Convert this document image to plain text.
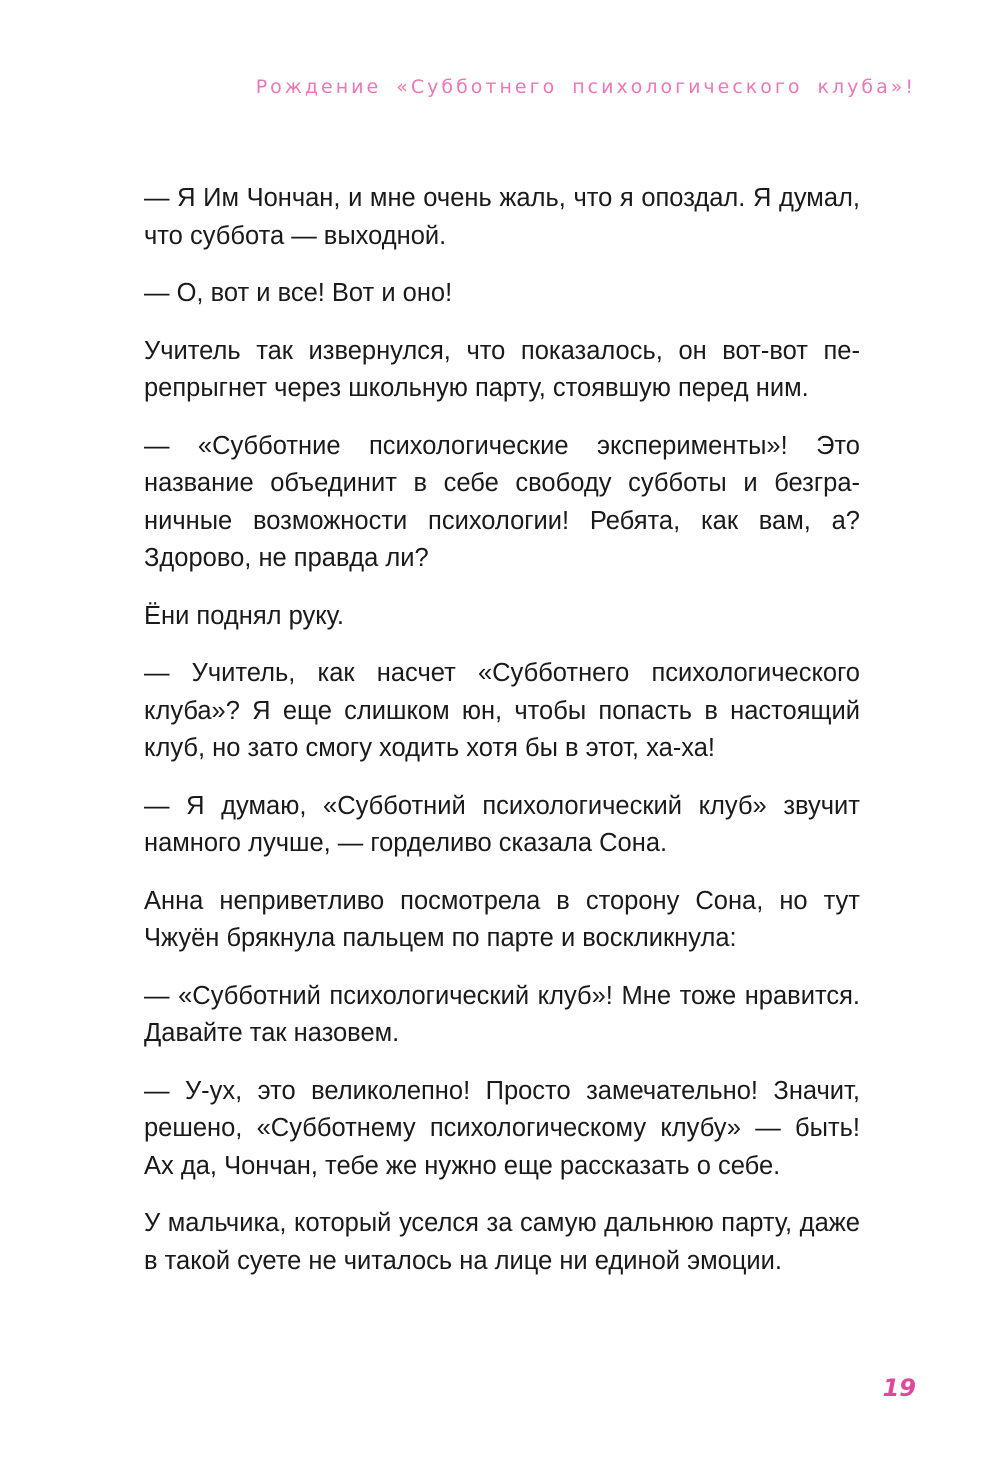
Рождение «Субботнего психологического клуба»!

— Я Им Чончан, и мне очень жаль, что я опоздал. Я думал, что суббота — выходной.

— О, вот и все! Вот и оно!

Учитель так извернулся, что показалось, он вот-вот перепрыгнет через школьную парту, стоявшую перед ним.

— «Субботние психологические эксперименты»! Это название объединит в себе свободу субботы и безграничные возможности психологии! Ребята, как вам, а? Здорово, не правда ли?

Ёни поднял руку.

— Учитель, как насчет «Субботнего психологического клуба»? Я еще слишком юн, чтобы попасть в настоящий клуб, но зато смогу ходить хотя бы в этот, ха-ха!

— Я думаю, «Субботний психологический клуб» звучит намного лучше, — горделиво сказала Сона.

Анна неприветливо посмотрела в сторону Сона, но тут Чжуён брякнула пальцем по парте и воскликнула:

— «Субботний психологический клуб»! Мне тоже нравится. Давайте так назовем.

— У-ух, это великолепно! Просто замечательно! Значит, решено, «Субботнему психологическому клубу» — быть! Ах да, Чончан, тебе же нужно еще рассказать о себе.

У мальчика, который уселся за самую дальнюю парту, даже в такой суете не читалось на лице ни единой эмоции.

19
